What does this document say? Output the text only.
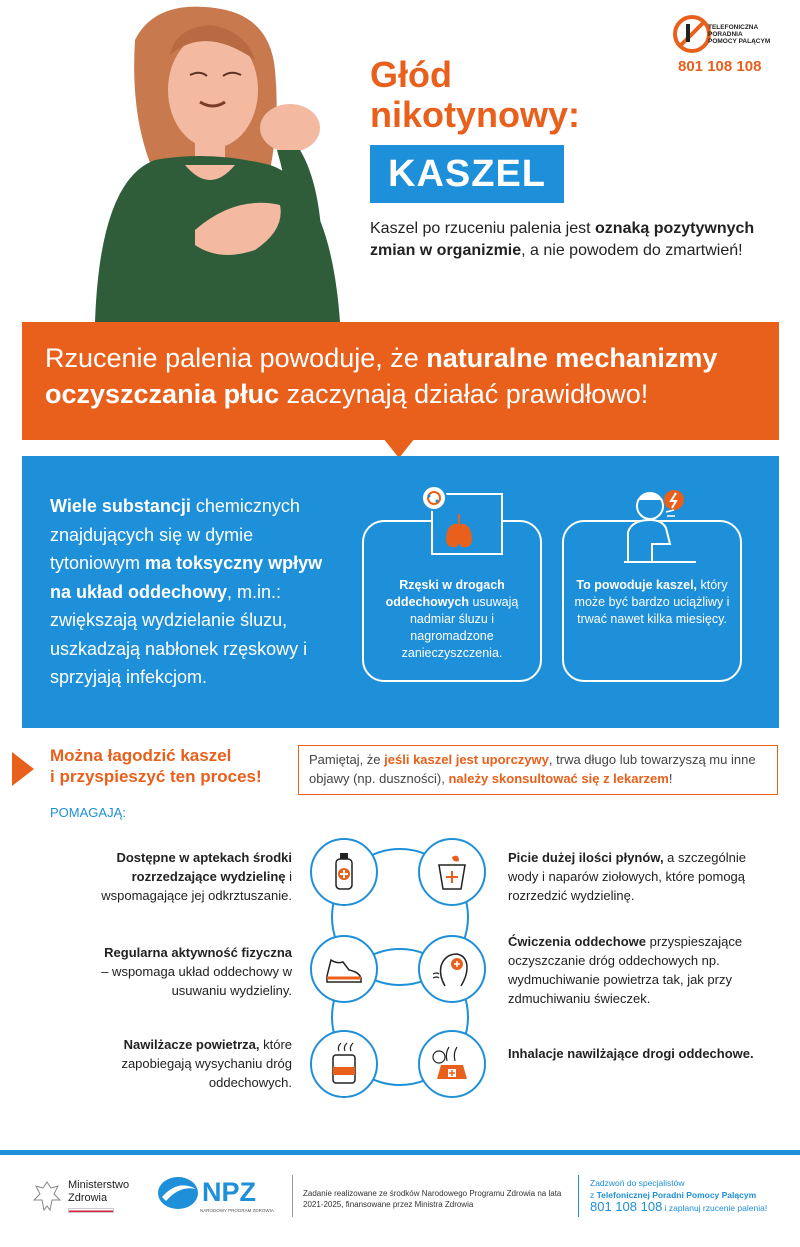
TELEFONICZNA
PORADNIA
POMOCY PALĄCYM
801 108 108
Głód
nikotynowy:
KASZEL
Kaszel po rzuceniu palenia jest oznaką pozytywnych zmian w organizmie, a nie powodem do zmartwień!
Rzucenie palenia powoduje, że naturalne mechanizmy oczyszczania płuc zaczynają działać prawidłowo!
Wiele substancji chemicznych znajdujących się w dymie tytoniowym ma toksyczny wpływ na układ oddechowy, m.in.: zwiększają wydzielanie śluzu, uszkadzają nabłonek rzęskowy i sprzyjają infekcjom.
Rzęski w drogach oddechowych usuwają nadmiar śluzu i nagromadzone zanieczyszczenia.
To powoduje kaszel, który może być bardzo uciążliwy i trwać nawet kilka miesięcy.
Można łagodzić kaszel
i przyspieszyć ten proces!
Pamiętaj, że jeśli kaszel jest uporczywy, trwa długo lub towarzyszą mu inne objawy (np. duszności), należy skonsultować się z lekarzem!
POMAGAJĄ:
Dostępne w aptekach środki rozrzedzające wydzielinę i wspomagające jej odkrztuszanie.
Regularna aktywność fizyczna – wspomaga układ oddechowy w usuwaniu wydzieliny.
Nawilżacze powietrza, które zapobiegają wysychaniu dróg oddechowych.
Picie dużej ilości płynów, a szczególnie wody i naparów ziołowych, które pomogą rozrzedzić wydzielinę.
Ćwiczenia oddechowe przyspieszające oczyszczanie dróg oddechowych np. wydmuchiwanie powietrza tak, jak przy zdmuchiwaniu świeczek.
Inhalacje nawilżające drogi oddechowe.
Ministerstwo
Zdrowia	NPZ
NARODOWY PROGRAM ZDROWIA
Zadanie realizowane ze środków Narodowego Programu Zdrowia na lata 2021-2025, finansowane przez Ministra Zdrowia
Zadzwoń do specjalistów
z Telefonicznej Poradni Pomocy Palącym
801 108 108 i zaplanuj rzucenie palenia!
